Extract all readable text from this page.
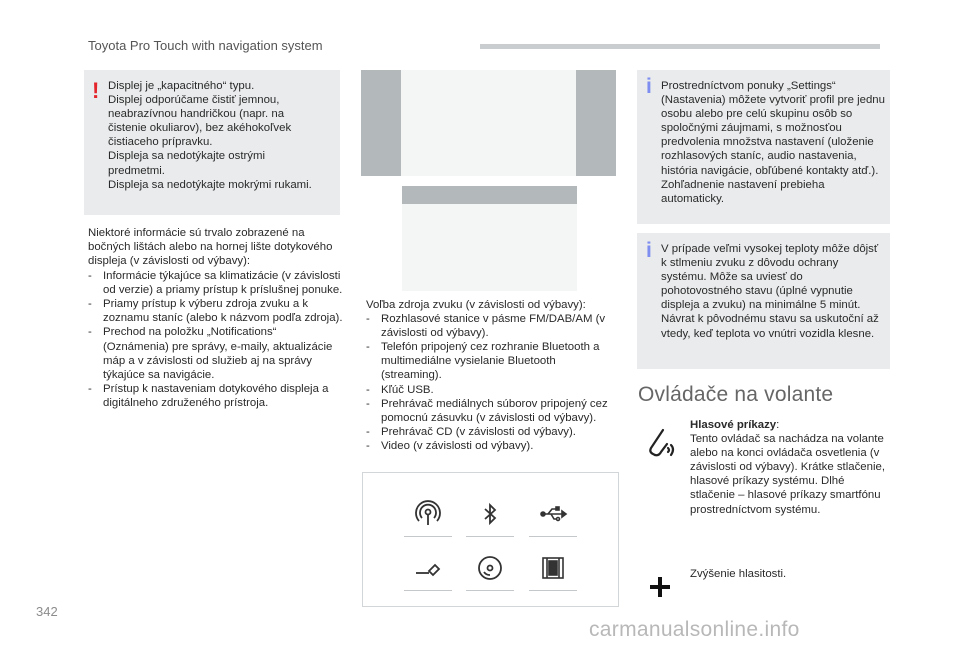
Toyota Pro Touch with navigation system
! Displej je „kapacitného“ typu.
Displej odporúčame čistiť jemnou,
neabrazívnou handričkou (napr. na
čistenie okuliarov), bez akéhokoľvek
čistiaceho prípravku.
Displeja sa nedotýkajte ostrými
predmetmi.
Displeja sa nedotýkajte mokrými rukami.
Niektoré informácie sú trvalo zobrazené na bočných lištách alebo na hornej lište dotykového displeja (v závislosti od výbavy):
- Informácie týkajúce sa klimatizácie (v závislosti od verzie) a priamy prístup k príslušnej ponuke.
- Priamy prístup k výberu zdroja zvuku a k zoznamu staníc (alebo k názvom podľa zdroja).
- Prechod na položku „Notifications“ (Oznámenia) pre správy, e-maily, aktualizácie máp a v závislosti od služieb aj na správy týkajúce sa navigácie.
- Prístup k nastaveniam dotykového displeja a digitálneho združeného prístroja.
Voľba zdroja zvuku (v závislosti od výbavy):
- Rozhlasové stanice v pásme FM/DAB/AM (v závislosti od výbavy).
- Telefón pripojený cez rozhranie Bluetooth a multimediálne vysielanie Bluetooth (streaming).
- Kľúč USB.
- Prehrávač mediálnych súborov pripojený cez pomocnú zásuvku (v závislosti od výbavy).
- Prehrávač CD (v závislosti od výbavy).
- Video (v závislosti od výbavy).
i Prostredníctvom ponuky „Settings“ (Nastavenia) môžete vytvoriť profil pre jednu osobu alebo pre celú skupinu osôb so spoločnými záujmami, s možnosťou predvolenia množstva nastavení (uloženie rozhlasových staníc, audio nastavenia, história navigácie, obľúbené kontakty atď.). Zohľadnenie nastavení prebieha automaticky.
i V prípade veľmi vysokej teploty môže dôjsť k stlmeniu zvuku z dôvodu ochrany systému. Môže sa uviesť do pohotovostného stavu (úplné vypnutie displeja a zvuku) na minimálne 5 minút. Návrat k pôvodnému stavu sa uskutoční až vtedy, keď teplota vo vnútri vozidla klesne.
Ovládače na volante
Hlasové príkazy:
Tento ovládač sa nachádza na volante alebo na konci ovládača osvetlenia (v závislosti od výbavy). Krátke stlačenie, hlasové príkazy systému. Dlhé stlačenie – hlasové príkazy smartfónu prostredníctvom systému.
Zvýšenie hlasitosti.
342
carmanualsonline.info
